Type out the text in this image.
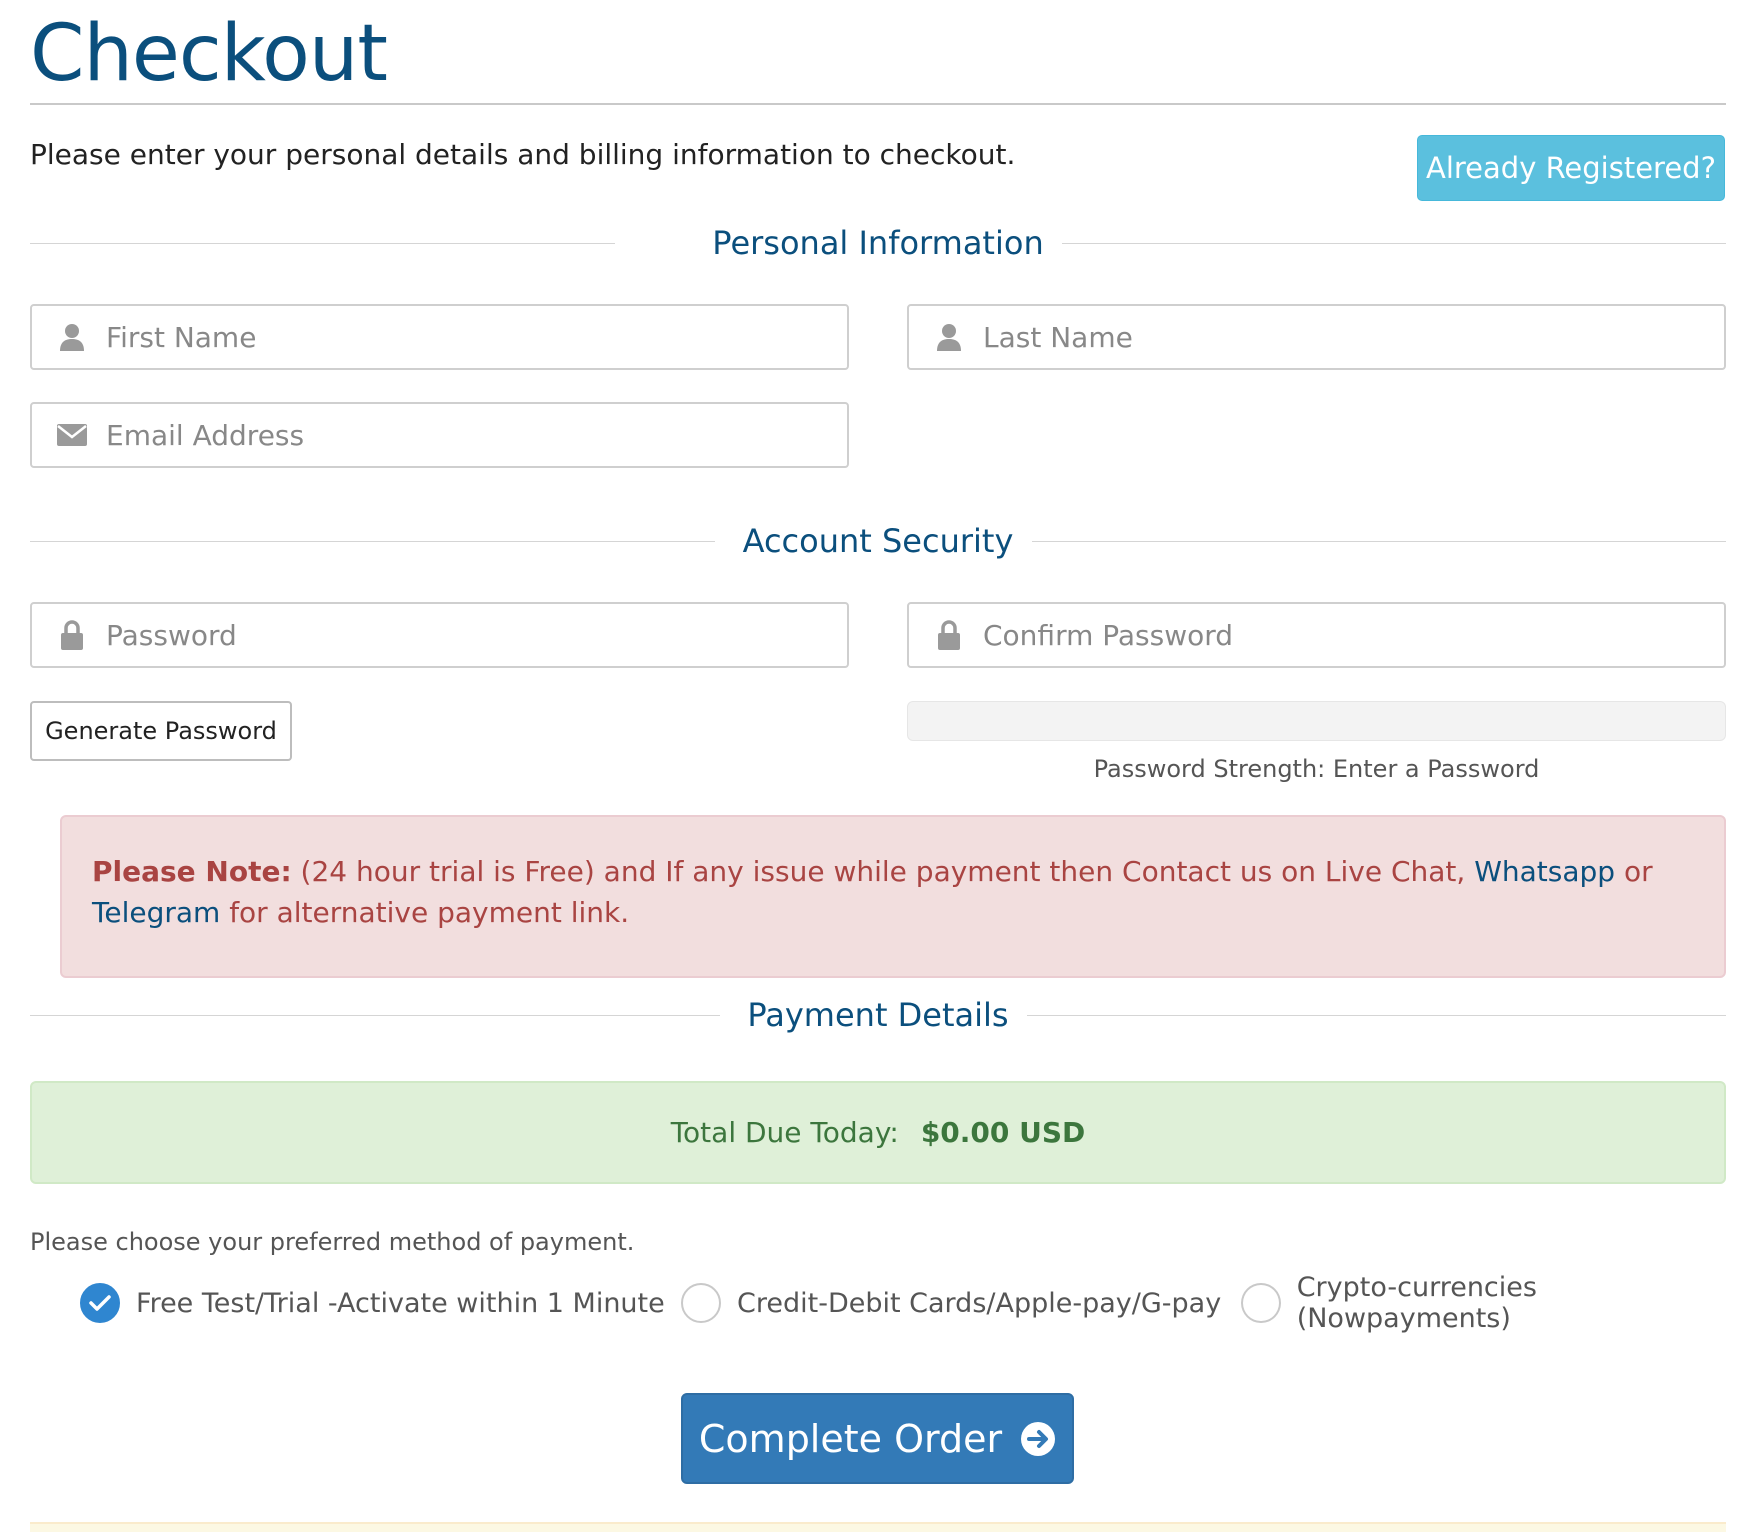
Checkout
Please enter your personal details and billing information to checkout.	Already Registered?
Personal Information
First Name
Last Name
Email Address
Account Security
Generate Password
Password Strength: Enter a Password
Please Note: (24 hour trial is Free) and If any issue while payment then Contact us on Live Chat, Whatsapp or Telegram for alternative payment link.
Payment Details
Total Due Today: $0.00 USD
Please choose your preferred method of payment.
Free Test/Trial -Activate within 1 Minute	Credit-Debit Cards/Apple-pay/G-pay	Crypto-currencies (Nowpayments)
Complete Order
